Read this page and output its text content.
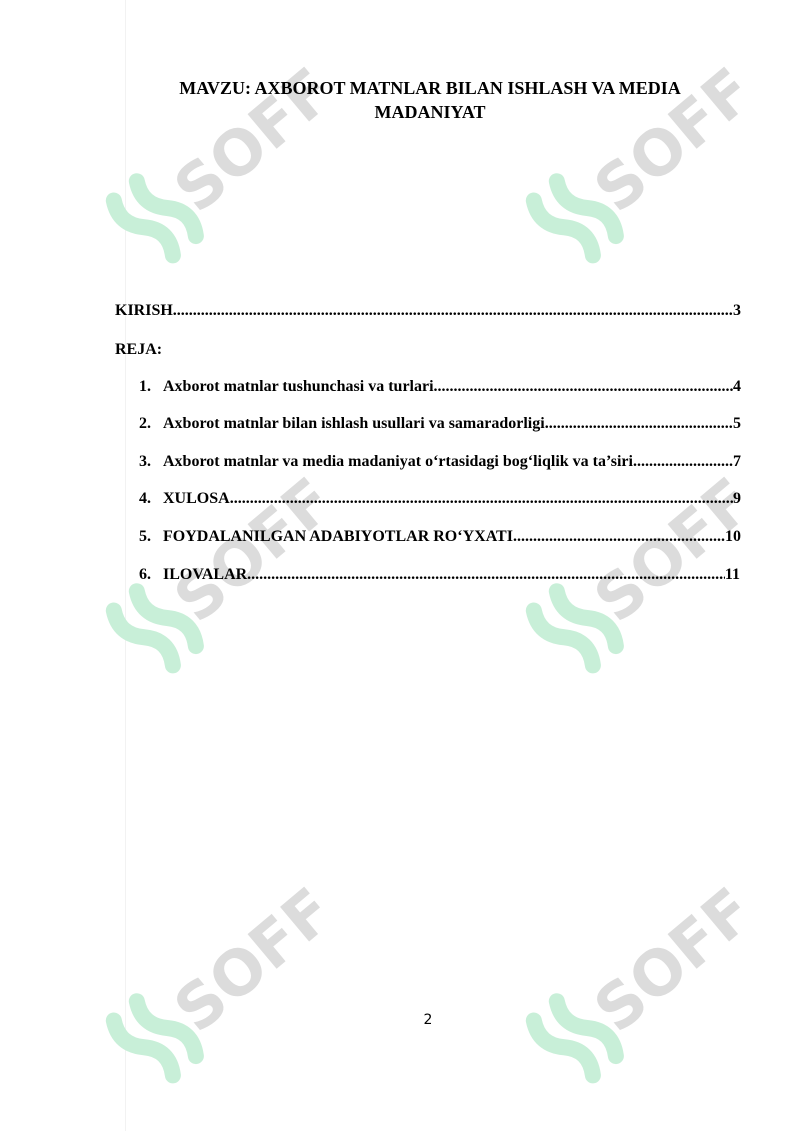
SOFF	SOFF
SOFF	SOFF
SOFF	SOFF
MAVZU: AXBOROT MATNLAR BILAN ISHLASH VA MEDIA MADANIYAT
KIRISH .....	3
REJA:
1. Axborot matnlar tushunchasi va turlari .....	4
2. Axborot matnlar bilan ishlash usullari va samaradorligi .....	5
3. Axborot matnlar va media madaniyat o‘rtasidagi bog‘liqlik va ta’siri .....	7
4. XULOSA .....	9
5. FOYDALANILGAN ADABIYOTLAR RO‘YXATI .....	10
6. ILOVALAR .....	11
2
